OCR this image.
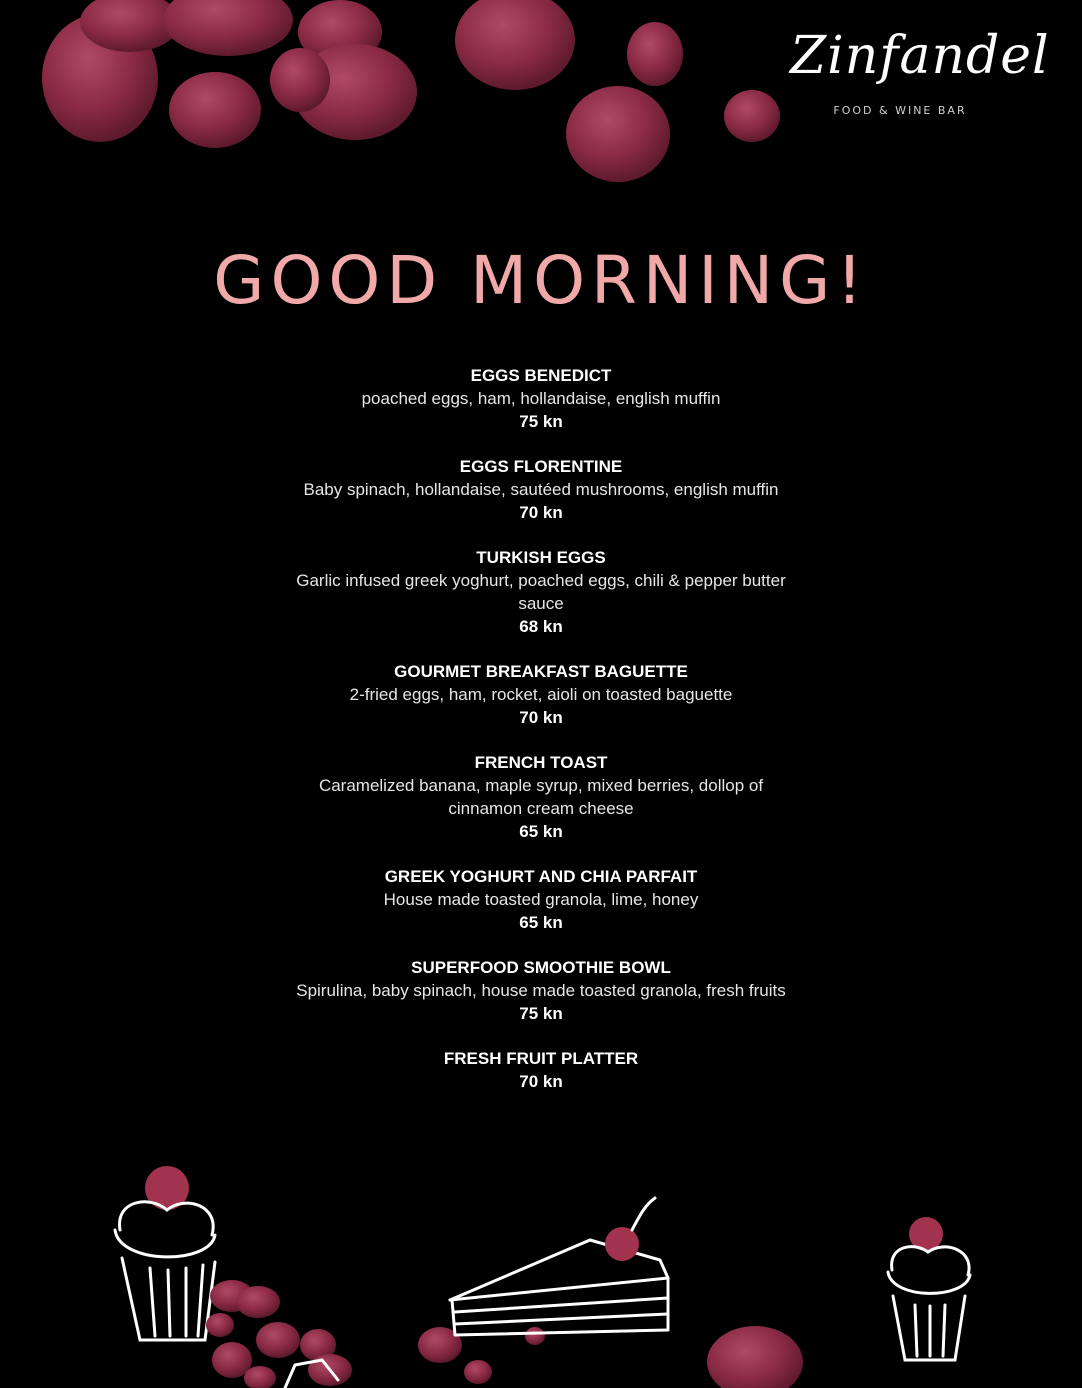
Zinfandel
FOOD & WINE BAR
GOOD MORNING!
EGGS BENEDICT
poached eggs, ham, hollandaise, english muffin
75 kn
EGGS FLORENTINE
Baby spinach, hollandaise, sautéed mushrooms, english muffin
70 kn
TURKISH EGGS
Garlic infused greek yoghurt, poached eggs, chili & pepper butter sauce
68 kn
GOURMET BREAKFAST BAGUETTE
2-fried eggs, ham, rocket, aioli on toasted baguette
70 kn
FRENCH TOAST
Caramelized banana, maple syrup, mixed berries, dollop of cinnamon cream cheese
65 kn
GREEK YOGHURT AND CHIA PARFAIT
House made toasted granola, lime, honey
65 kn
SUPERFOOD SMOOTHIE BOWL
Spirulina, baby spinach, house made toasted granola, fresh fruits
75 kn
FRESH FRUIT PLATTER
70 kn
